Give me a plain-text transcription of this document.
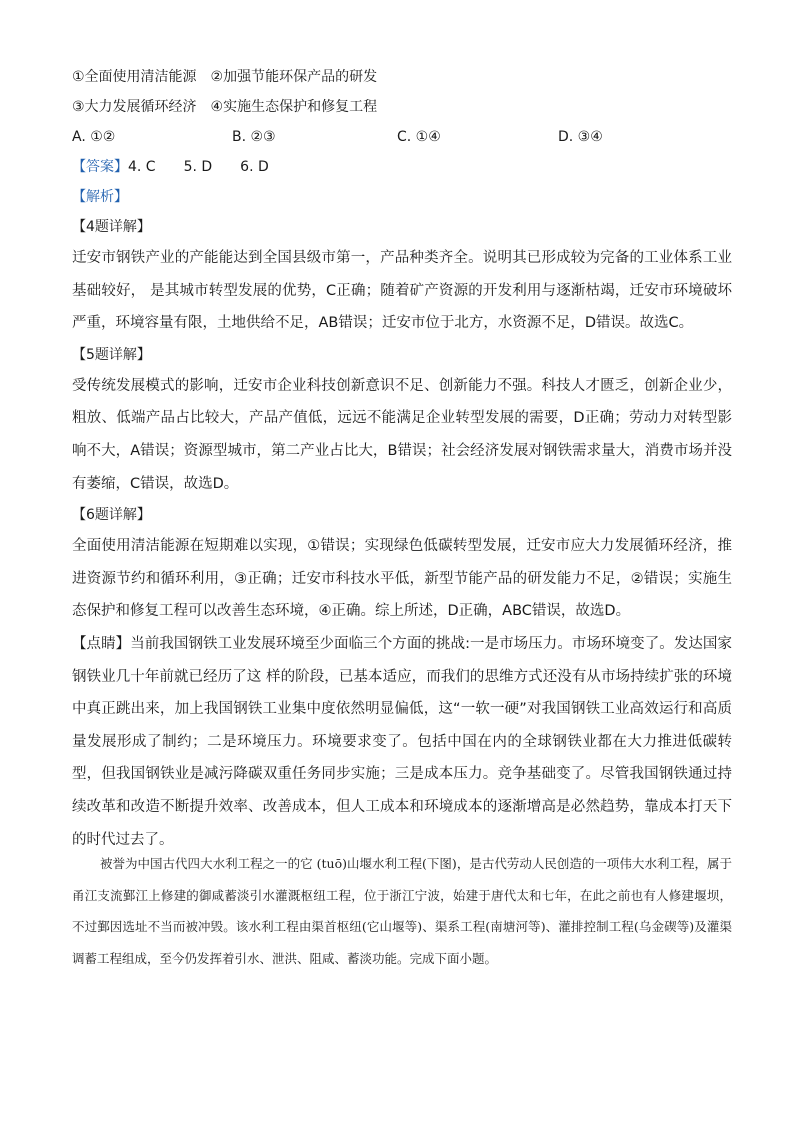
①全面使用清洁能源　②加强节能环保产品的研发
③大力发展循环经济　④实施生态保护和修复工程
A. ①②	B. ②③	C. ①④	D. ③④
【答案】4. C　　5. D　　6. D
【解析】
【4题详解】

迁安市钢铁产业的产能能达到全国县级市第一，产品种类齐全。说明其已形成较为完备的工业体系工业基础较好， 是其城市转型发展的优势，C正确；随着矿产资源的开发利用与逐渐枯竭，迁安市环境破坏严重，环境容量有限，土地供给不足，AB错误；迁安市位于北方，水资源不足，D错误。故选C。

【5题详解】

受传统发展模式的影响，迁安市企业科技创新意识不足、创新能力不强。科技人才匮乏，创新企业少，粗放、低端产品占比较大，产品产值低，远远不能满足企业转型发展的需要，D正确；劳动力对转型影响不大，A错误；资源型城市，第二产业占比大，B错误；社会经济发展对钢铁需求量大，消费市场并没有萎缩，C错误，故选D。

【6题详解】

全面使用清洁能源在短期难以实现，①错误；实现绿色低碳转型发展，迁安市应大力发展循环经济，推进资源节约和循环利用，③正确；迁安市科技水平低，新型节能产品的研发能力不足，②错误；实施生态保护和修复工程可以改善生态环境，④正确。综上所述，D正确，ABC错误，故选D。

【点睛】当前我国钢铁工业发展环境至少面临三个方面的挑战:一是市场压力。市场环境变了。发达国家钢铁业几十年前就已经历了这 样的阶段，已基本适应，而我们的思维方式还没有从市场持续扩张的环境中真正跳出来，加上我国钢铁工业集中度依然明显偏低，这“一软一硬”对我国钢铁工业高效运行和高质量发展形成了制约；二是环境压力。环境要求变了。包括中国在内的全球钢铁业都在大力推进低碳转型，但我国钢铁业是减污降碳双重任务同步实施；三是成本压力。竞争基础变了。尽管我国钢铁通过持续改革和改造不断提升效率、改善成本，但人工成本和环境成本的逐渐增高是必然趋势，靠成本打天下的时代过去了。

被誉为中国古代四大水利工程之一的它 (tuō)山堰水利工程(下图)，是古代劳动人民创造的一项伟大水利工程，属于甬江支流鄞江上修建的御咸蓄淡引水灌溉枢纽工程，位于浙江宁波，始建于唐代太和七年，在此之前也有人修建堰坝，不过鄞因选址不当而被冲毁。该水利工程由渠首枢纽(它山堰等)、渠系工程(南塘河等)、灌排控制工程(乌金碶等)及灌渠调蓄工程组成，至今仍发挥着引水、泄洪、阻咸、蓄淡功能。完成下面小题。
